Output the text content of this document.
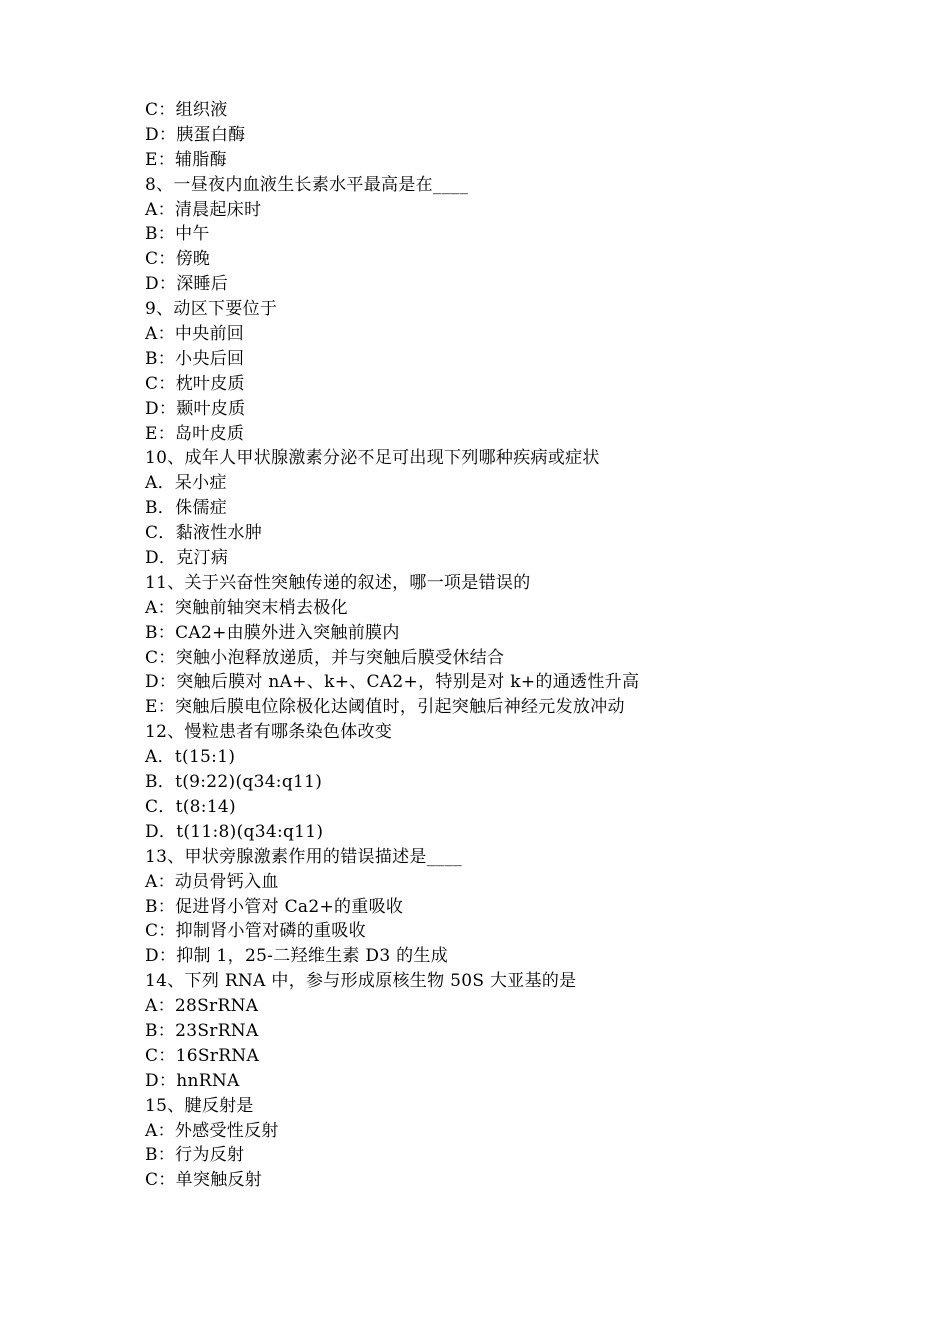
C：组织液
D：胰蛋白酶
E：辅脂酶
8、一昼夜内血液生长素水平最高是在____
A：清晨起床时
B：中午
C：傍晚
D：深睡后
9、动区下要位于
A：中央前回
B：小央后回
C：枕叶皮质
D：颞叶皮质
E：岛叶皮质
10、成年人甲状腺激素分泌不足可出现下列哪种疾病或症状
A．呆小症
B．侏儒症
C．黏液性水肿
D．克汀病
11、关于兴奋性突触传递的叙述，哪一项是错误的
A：突触前轴突末梢去极化
B：CA2+由膜外进入突触前膜内
C：突触小泡释放递质，并与突触后膜受休结合
D：突触后膜对 nA+、k+、CA2+，特别是对 k+的通透性升高
E：突触后膜电位除极化达阈值时，引起突触后神经元发放冲动
12、慢粒患者有哪条染色体改变
A．t(15:1)
B．t(9:22)(q34:q11)
C．t(8:14)
D．t(11:8)(q34:q11)
13、甲状旁腺激素作用的错误描述是____
A：动员骨钙入血
B：促进肾小管对 Ca2+的重吸收
C：抑制肾小管对磷的重吸收
D：抑制 1，25-二羟维生素 D3 的生成
14、下列 RNA 中，参与形成原核生物 50S 大亚基的是
A：28SrRNA
B：23SrRNA
C：16SrRNA
D：hnRNA
15、腱反射是
A：外感受性反射
B：行为反射
C：单突触反射
